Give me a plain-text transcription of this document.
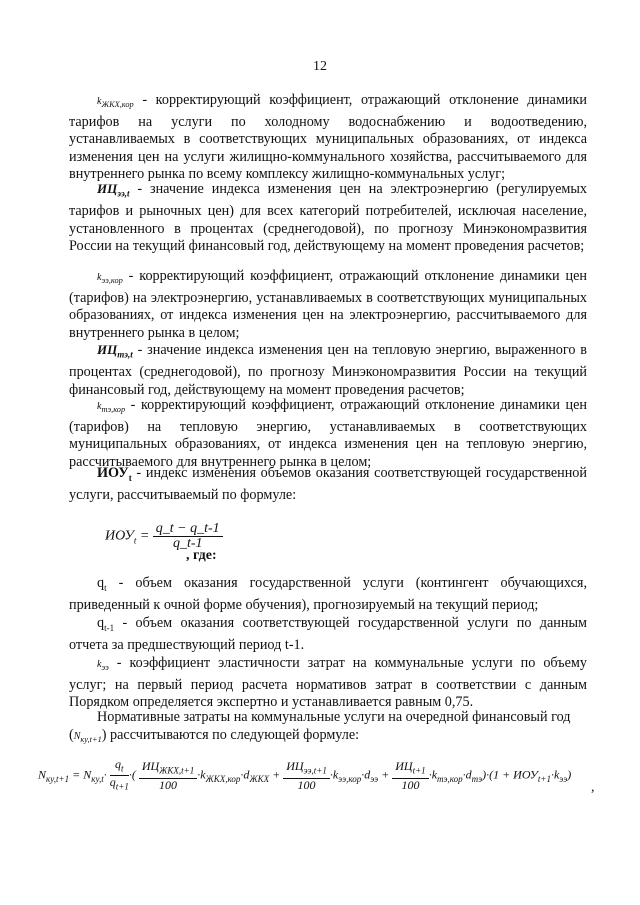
12

$k_{ЖКХ,кор}$ - корректирующий коэффициент, отражающий отклонение динамики тарифов на услуги по холодному водоснабжению и водоотведению, устанавливаемых в соответствующих муниципальных образованиях, от индекса изменения цен на услуги жилищно-коммунального хозяйства, рассчитываемого для внутреннего рынка по всему комплексу жилищно-коммунальных услуг;

$ИЦ_{ээ,t}$ - значение индекса изменения цен на электроэнергию (регулируемых тарифов и рыночных цен) для всех категорий потребителей, исключая население, установленного в процентах (среднегодовой), по прогнозу Минэкономразвития России на текущий финансовый год, действующему на момент проведения расчетов;

$k_{ээ,кор}$ - корректирующий коэффициент, отражающий отклонение динамики цен (тарифов) на электроэнергию, устанавливаемых в соответствующих муниципальных образованиях, от индекса изменения цен на электроэнергию, рассчитываемого для внутреннего рынка в целом;

$ИЦ_{тэ,t}$ - значение индекса изменения цен на тепловую энергию, выраженного в процентах (среднегодовой), по прогнозу Минэкономразвития России на текущий финансовый год, действующему на момент проведения расчетов;

$k_{тэ,кор}$ - корректирующий коэффициент, отражающий отклонение динамики цен (тарифов) на тепловую энергию, устанавливаемых в соответствующих муниципальных образованиях, от индекса изменения цен на тепловую энергию, рассчитываемого для внутреннего рынка в целом;

$ИОУ_t$ - индекс изменения объемов оказания соответствующей государственной услуги, рассчитываемый по формуле:

$ИОУ_t = \frac{q\_t - q\_t-1}{q\_t-1}$
, где:

$q_t$ - объем оказания государственной услуги (контингент обучающихся, приведенный к очной форме обучения), прогнозируемый на текущий период;

$q_{t-1}$ - объем оказания соответствующей государственной услуги по данным отчета за предшествующий период t-1.

$k_{ээ}$ - коэффициент эластичности затрат на коммунальные услуги по объему услуг; на первый период расчета нормативов затрат в соответствии с данным Порядком определяется экспертно и устанавливается равным 0,75.

Нормативные затраты на коммунальные услуги на очередной финансовый год

$(N_{ку,t+1})$ рассчитываются по следующей формуле:

$N_{ку,t+1} = N_{ку,t}\cdot \frac{q_t}{q_{t+1}}$ ·( $\frac{ИЦ_{ЖКХ,t+1}}{100} \cdot k_{ЖКХ,кор}\cdot d_{ЖКХ} + \frac{ИЦ_{ээ,t+1}}{100} \cdot k_{ээ,кор}\cdot d_{ээ} + \frac{ИЦ_{t+1}}{100} \cdot k_{тэ,кор}\cdot d_{тэ})\cdot(1 + ИОУ_{t+1}\cdot k_{ээ})$
,
